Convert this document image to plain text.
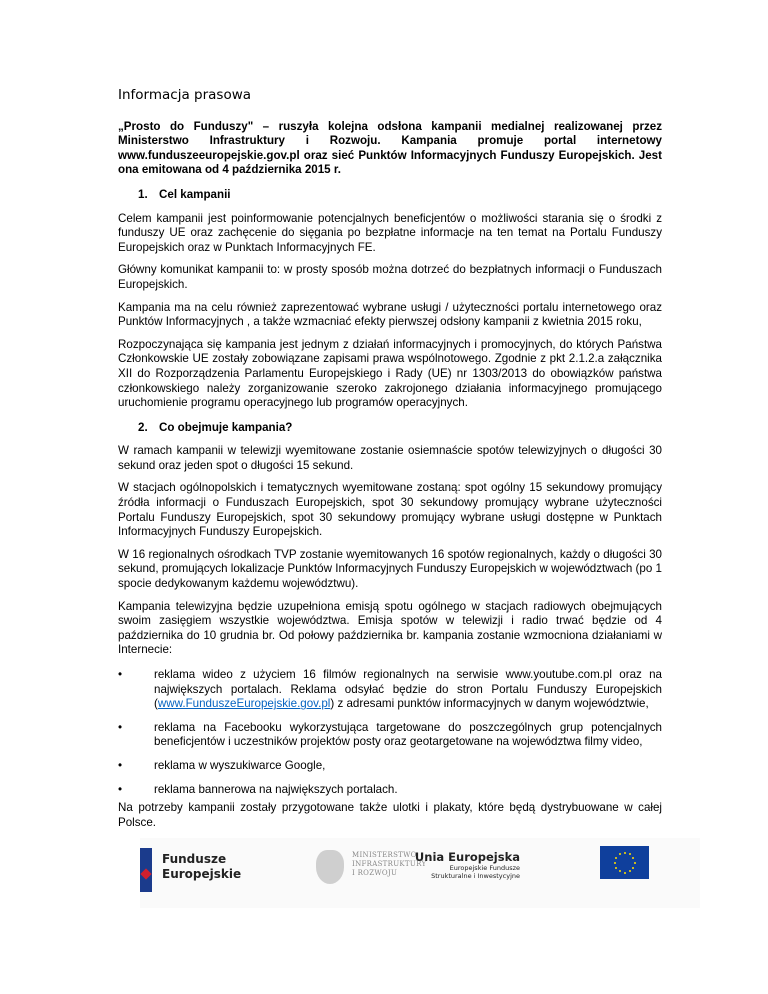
Informacja prasowa

„Prosto do Funduszy" – ruszyła kolejna odsłona kampanii medialnej realizowanej przez Ministerstwo Infrastruktury i Rozwoju. Kampania promuje portal internetowy www.funduszeeuropejskie.gov.pl oraz sieć Punktów Informacyjnych Funduszy Europejskich. Jest ona emitowana od 4 października 2015 r.

1. Cel kampanii

Celem kampanii jest poinformowanie potencjalnych beneficjentów o możliwości starania się o środki z funduszy UE oraz zachęcenie do sięgania po bezpłatne informacje na ten temat na Portalu Funduszy Europejskich oraz w Punktach Informacyjnych FE.

Główny komunikat kampanii to: w prosty sposób można dotrzeć do bezpłatnych informacji o Funduszach Europejskich.

Kampania ma na celu również zaprezentować wybrane usługi / użyteczności portalu internetowego oraz Punktów Informacyjnych , a także wzmacniać efekty pierwszej odsłony kampanii z kwietnia 2015 roku,

Rozpoczynająca się kampania jest jednym z działań informacyjnych i promocyjnych, do których Państwa Członkowskie UE zostały zobowiązane zapisami prawa wspólnotowego. Zgodnie z pkt 2.1.2.a załącznika XII do Rozporządzenia Parlamentu Europejskiego i Rady (UE) nr 1303/2013 do obowiązków państwa członkowskiego należy zorganizowanie szeroko zakrojonego działania informacyjnego promującego uruchomienie programu operacyjnego lub programów operacyjnych.

2. Co obejmuje kampania?

W ramach kampanii w telewizji wyemitowane zostanie osiemnaście spotów telewizyjnych o długości 30 sekund oraz jeden spot o długości 15 sekund.

W stacjach ogólnopolskich i tematycznych wyemitowane zostaną: spot ogólny 15 sekundowy promujący źródła informacji o Funduszach Europejskich, spot 30 sekundowy promujący wybrane użyteczności Portalu Funduszy Europejskich, spot 30 sekundowy promujący wybrane usługi dostępne w Punktach Informacyjnych Funduszy Europejskich.

W 16 regionalnych ośrodkach TVP zostanie wyemitowanych 16 spotów regionalnych, każdy o długości 30 sekund, promujących lokalizacje Punktów Informacyjnych Funduszy Europejskich w województwach (po 1 spocie dedykowanym każdemu województwu).

Kampania telewizyjna będzie uzupełniona emisją spotu ogólnego w stacjach radiowych obejmujących swoim zasięgiem wszystkie województwa. Emisja spotów w telewizji i radio trwać będzie od 4 października do 10 grudnia br. Od połowy października br. kampania zostanie wzmocniona działaniami w Internecie:

•	reklama wideo z użyciem 16 filmów regionalnych na serwisie www.youtube.com.pl oraz na największych portalach. Reklama odsyłać będzie do stron Portalu Funduszy Europejskich (www.FunduszeEuropejskie.gov.pl) z adresami punktów informacyjnych w danym województwie,
•	reklama na Facebooku wykorzystująca targetowane do poszczególnych grup potencjalnych beneficjentów i uczestników projektów posty oraz geotargetowane na województwa filmy video,
•	reklama w wyszukiwarce Google,
•	reklama bannerowa na największych portalach.

Na potrzeby kampanii zostały przygotowane także ulotki i plakaty, które będą dystrybuowane w całej Polsce.

Fundusze
Europejskie
MINISTERSTWO
INFRASTRUKTURY
I ROZWOJU
Unia Europejska
Europejskie Fundusze
Strukturalne i Inwestycyjne
